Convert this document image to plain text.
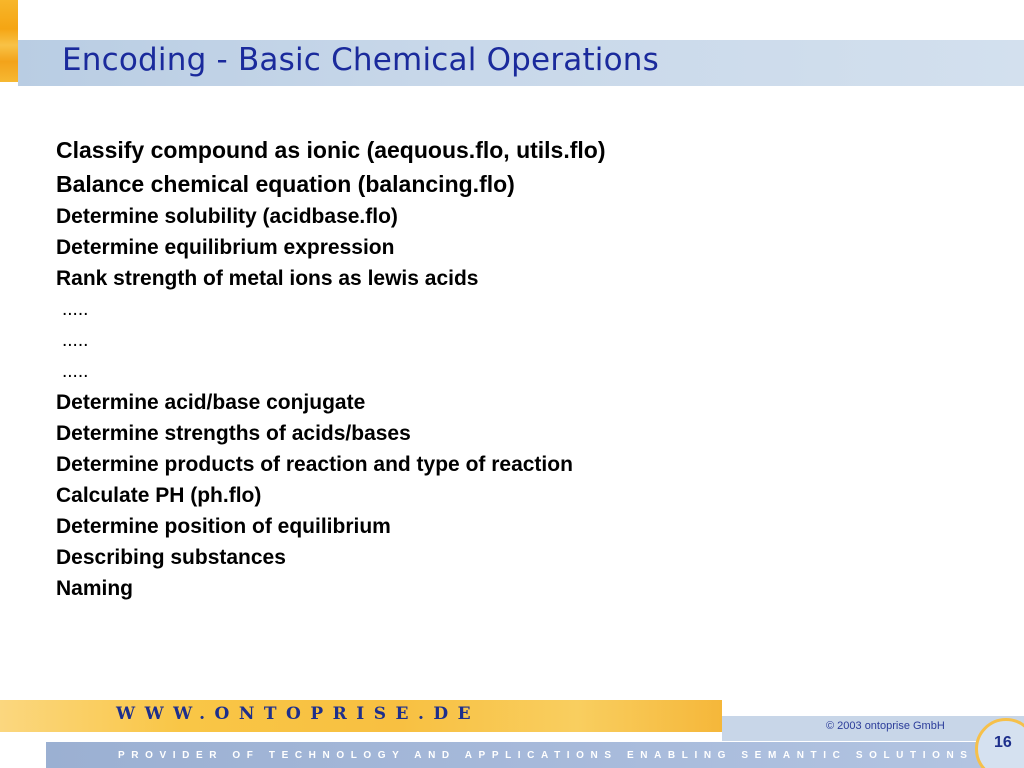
Encoding - Basic Chemical Operations
Classify compound as ionic (aequous.flo, utils.flo)
Balance chemical equation (balancing.flo)
Determine solubility (acidbase.flo)
Determine equilibrium expression
Rank strength of metal ions as lewis acids
.....
.....
.....
Determine acid/base conjugate
Determine strengths of acids/bases
Determine products of reaction and type of reaction
Calculate PH (ph.flo)
Determine position of equilibrium
Describing substances
Naming
WWW.ONTOPRISE.DE
© 2003 ontoprise GmbH
PROVIDER OF TECHNOLOGY AND APPLICATIONS ENABLING SEMANTIC SOLUTIONS
16
